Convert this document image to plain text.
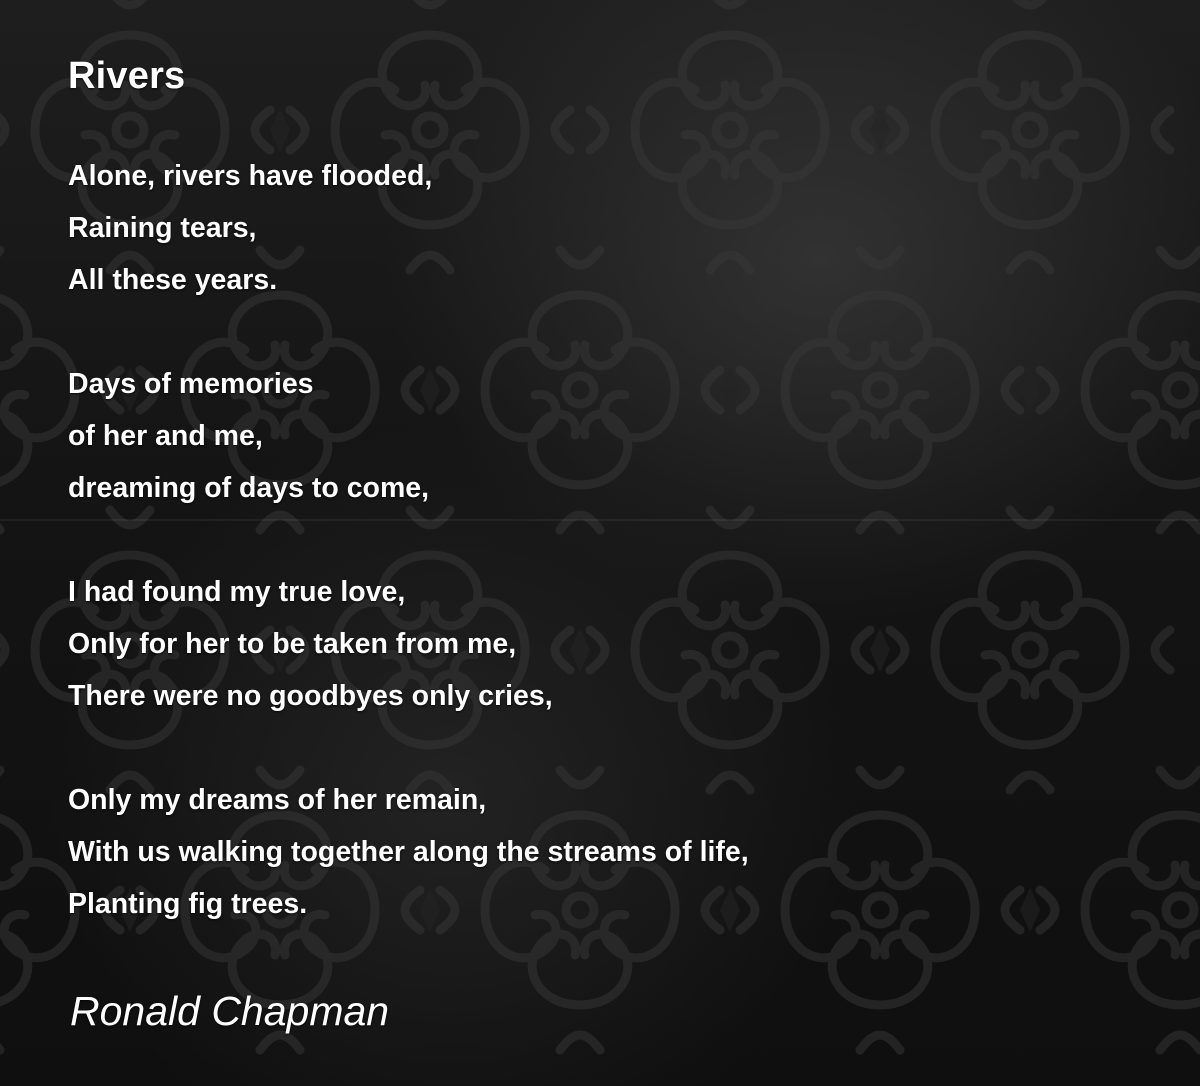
Rivers
Alone, rivers have flooded,
Raining tears,
All these years.
Days of memories
of her and me,
dreaming of days to come,
I had found my true love,
Only for her to be taken from me,
There were no goodbyes only cries,
Only my dreams of her remain,
With us walking together along the streams of life,
Planting fig trees.

Ronald Chapman
